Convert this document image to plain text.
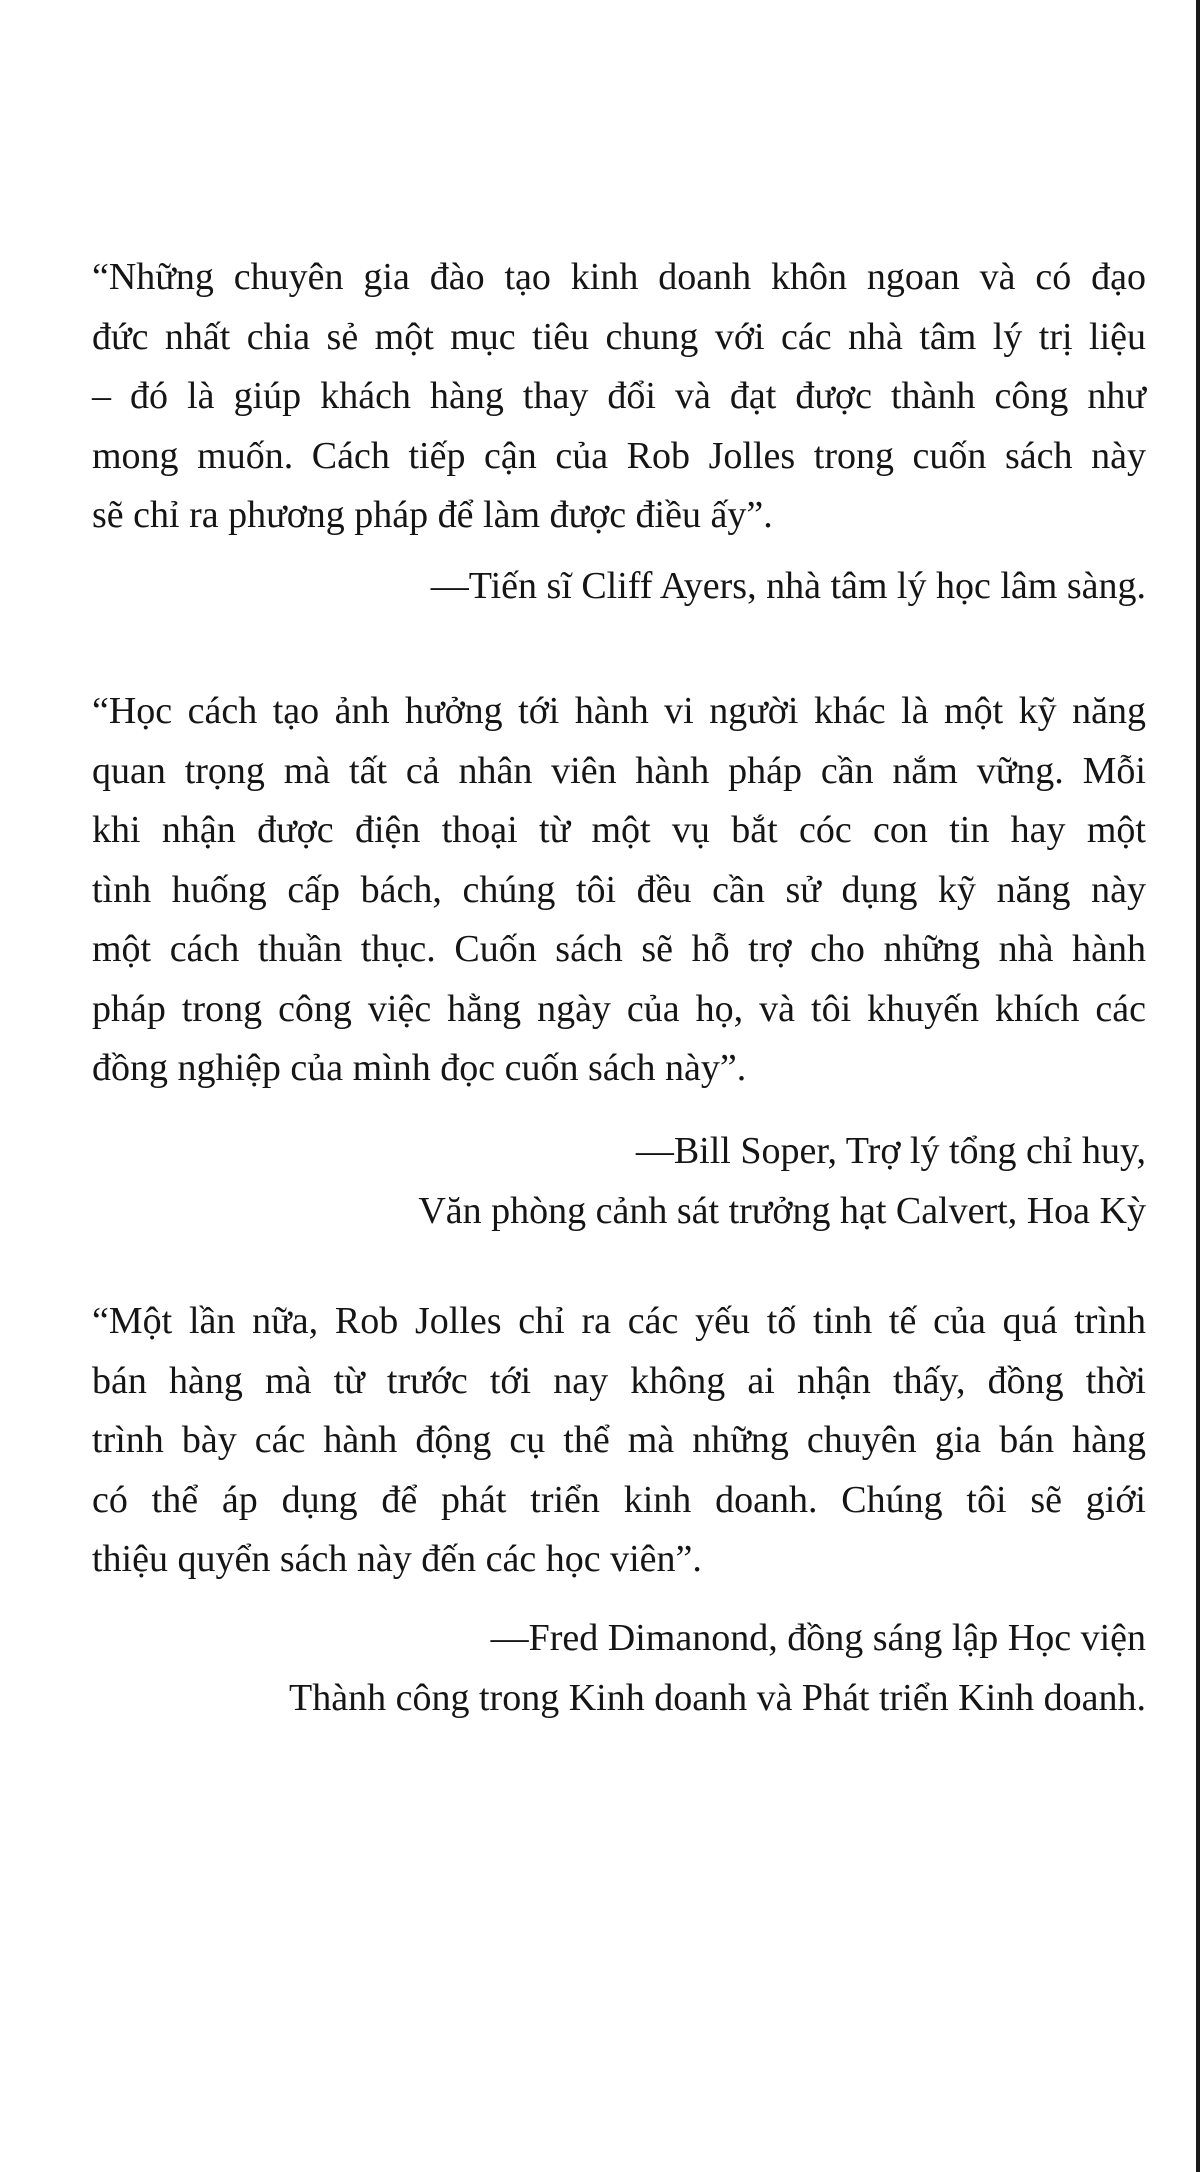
“Những chuyên gia đào tạo kinh doanh khôn ngoan và có đạo
đức nhất chia sẻ một mục tiêu chung với các nhà tâm lý trị liệu
– đó là giúp khách hàng thay đổi và đạt được thành công như
mong muốn. Cách tiếp cận của Rob Jolles trong cuốn sách này
sẽ chỉ ra phương pháp để làm được điều ấy”.

—Tiến sĩ Cliff Ayers, nhà tâm lý học lâm sàng.

“Học cách tạo ảnh hưởng tới hành vi người khác là một kỹ năng
quan trọng mà tất cả nhân viên hành pháp cần nắm vững. Mỗi
khi nhận được điện thoại từ một vụ bắt cóc con tin hay một
tình huống cấp bách, chúng tôi đều cần sử dụng kỹ năng này
một cách thuần thục. Cuốn sách sẽ hỗ trợ cho những nhà hành
pháp trong công việc hằng ngày của họ, và tôi khuyến khích các
đồng nghiệp của mình đọc cuốn sách này”.

—Bill Soper, Trợ lý tổng chỉ huy,
Văn phòng cảnh sát trưởng hạt Calvert, Hoa Kỳ

“Một lần nữa, Rob Jolles chỉ ra các yếu tố tinh tế của quá trình
bán hàng mà từ trước tới nay không ai nhận thấy, đồng thời
trình bày các hành động cụ thể mà những chuyên gia bán hàng
có thể áp dụng để phát triển kinh doanh. Chúng tôi sẽ giới
thiệu quyển sách này đến các học viên”.

—Fred Dimanond, đồng sáng lập Học viện
Thành công trong Kinh doanh và Phát triển Kinh doanh.
